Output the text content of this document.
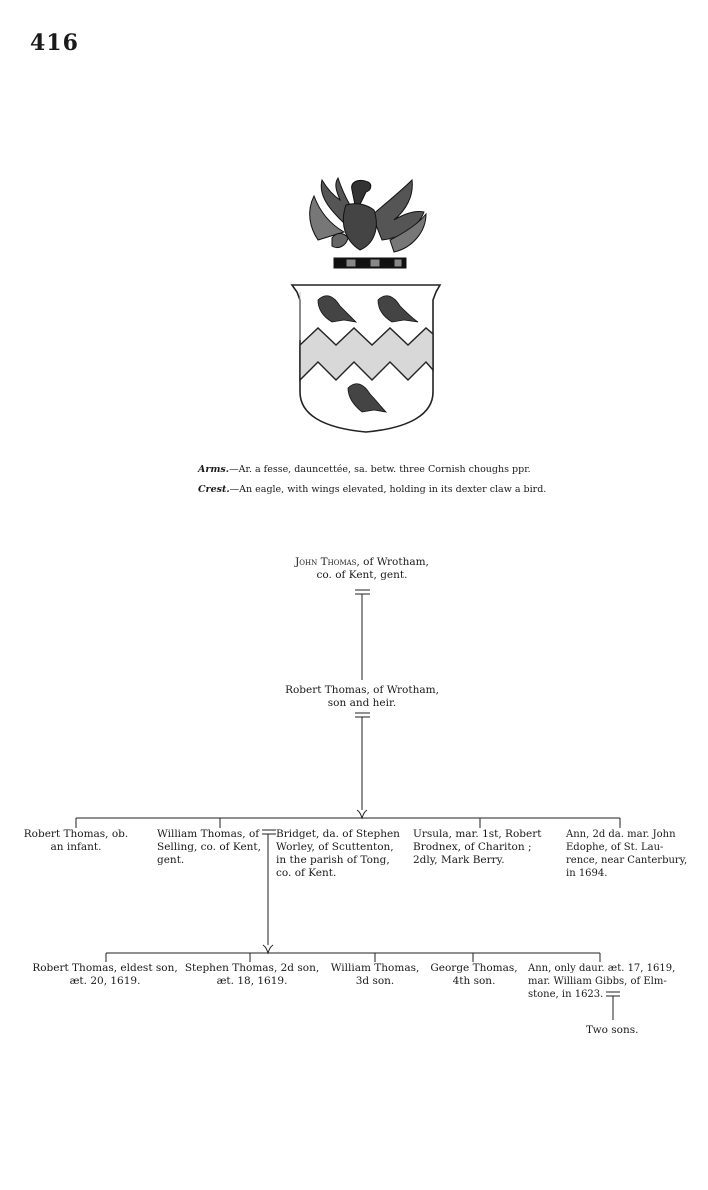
416
Arms.—Ar. a fesse, dauncettée, sa. betw. three Cornish choughs ppr.
Crest.—An eagle, with wings elevated, holding in its dexter claw a bird.
John Thomas, of Wrotham,
co. of Kent, gent.
Robert Thomas, of Wrotham,
son and heir.
Robert Thomas, ob.
an infant.
William Thomas, of
Selling, co. of Kent,
gent.
Bridget, da. of Stephen
Worley, of Scuttenton,
in the parish of Tong,
co. of Kent.
Ursula, mar. 1st, Robert
Brodnex, of Chariton ;
2dly, Mark Berry.
Ann, 2d da. mar. John
Edophe, of St. Lau-
rence, near Canterbury,
in 1694.
Robert Thomas, eldest son,
æt. 20, 1619.
Stephen Thomas, 2d son,
æt. 18, 1619.
William Thomas,
3d son.
George Thomas,
4th son.
Ann, only daur. æt. 17, 1619,
mar. William Gibbs, of Elm-
stone, in 1623.
Two sons.
